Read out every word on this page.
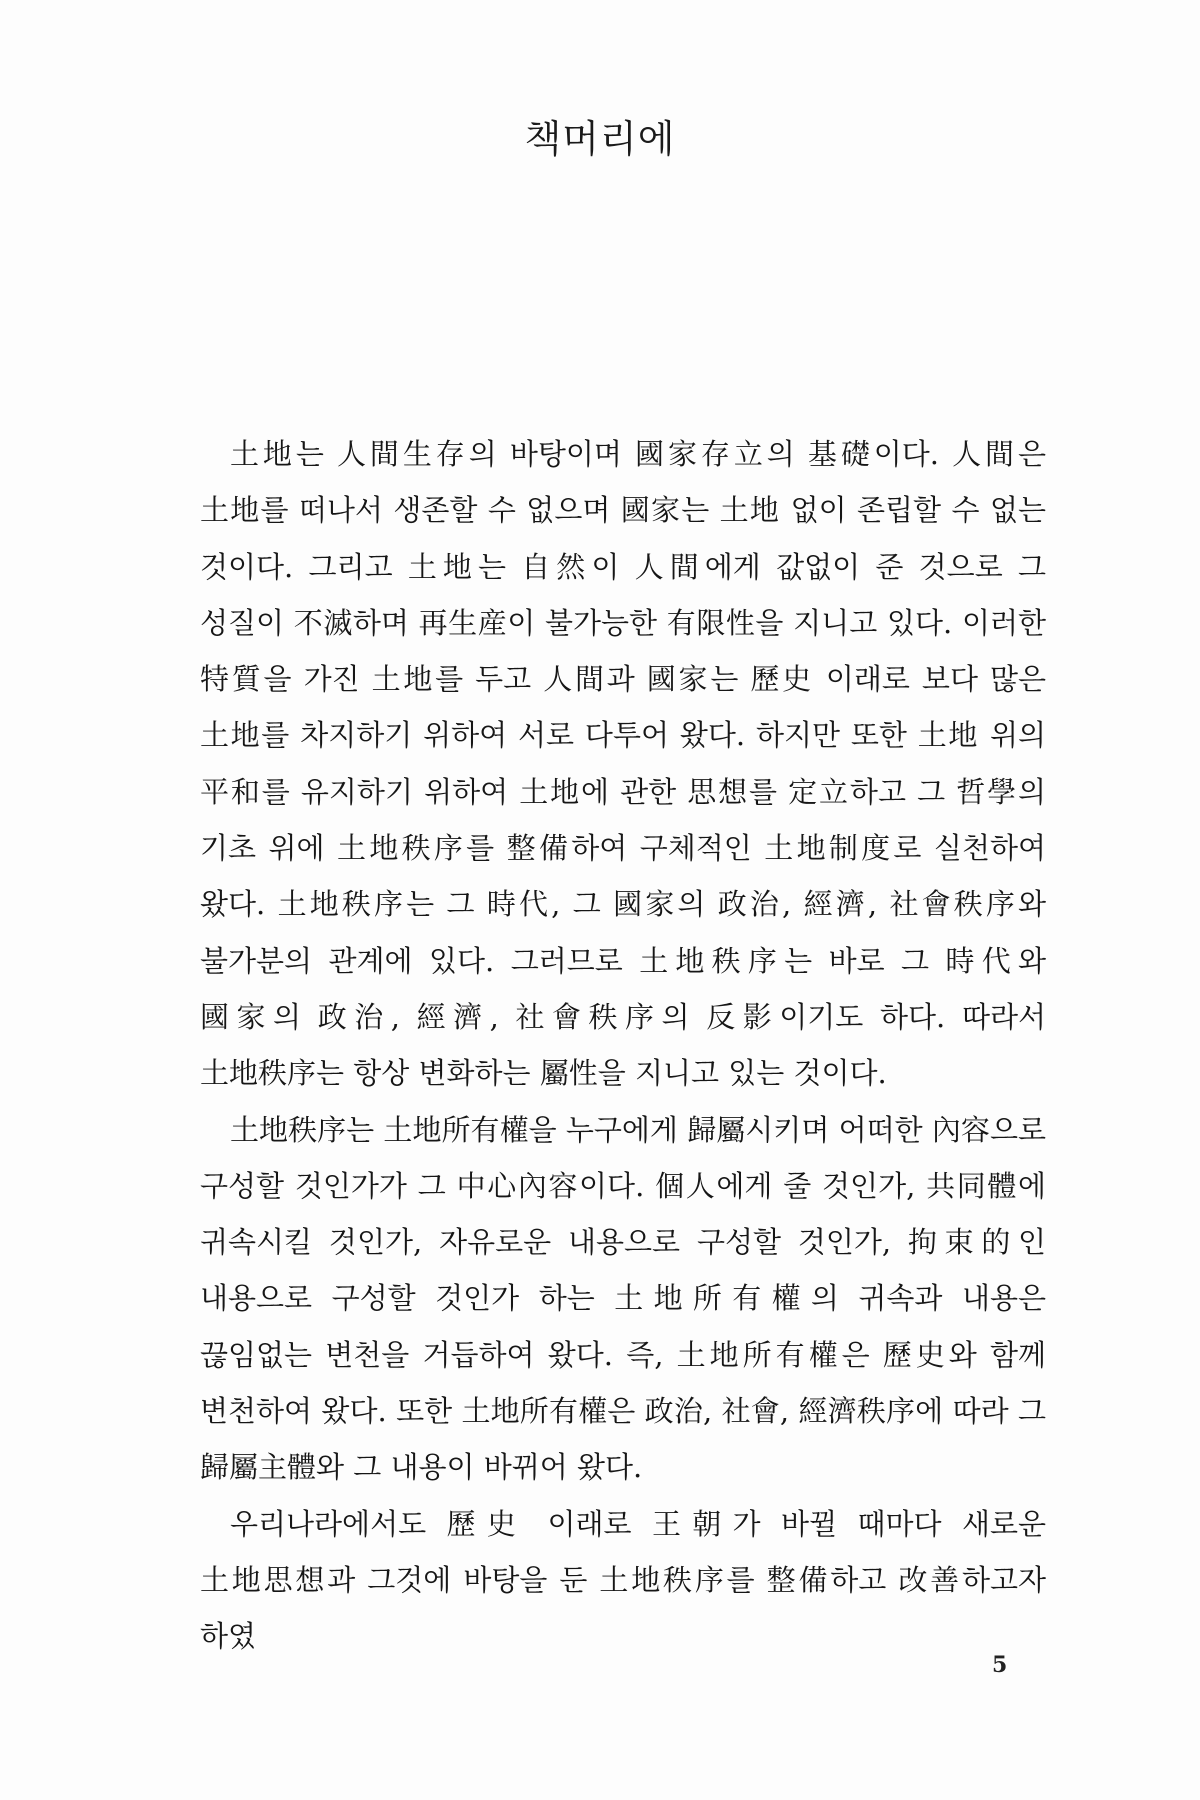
책머리에

土地는 人間生存의 바탕이며 國家存立의 基礎이다. 人間은 土地를 떠나서 생존할 수 없으며 國家는 土地 없이 존립할 수 없는 것이다. 그리고 土地는 自然이 人間에게 값없이 준 것으로 그 성질이 不滅하며 再生産이 불가능한 有限性을 지니고 있다. 이러한 特質을 가진 土地를 두고 人間과 國家는 歷史 이래로 보다 많은 土地를 차지하기 위하여 서로 다투어 왔다. 하지만 또한 土地 위의 平和를 유지하기 위하여 土地에 관한 思想를 定立하고 그 哲學의 기초 위에 土地秩序를 整備하여 구체적인 土地制度로 실천하여 왔다. 土地秩序는 그 時代, 그 國家의 政治, 經濟, 社會秩序와 불가분의 관계에 있다. 그러므로 土地秩序는 바로 그 時代와 國家의 政治, 經濟, 社會秩序의 反影이기도 하다. 따라서 土地秩序는 항상 변화하는 屬性을 지니고 있는 것이다.

土地秩序는 土地所有權을 누구에게 歸屬시키며 어떠한 內容으로 구성할 것인가가 그 中心內容이다. 個人에게 줄 것인가, 共同體에 귀속시킬 것인가, 자유로운 내용으로 구성할 것인가, 拘束的인 내용으로 구성할 것인가 하는 土地所有權의 귀속과 내용은 끊임없는 변천을 거듭하여 왔다. 즉, 土地所有權은 歷史와 함께 변천하여 왔다. 또한 土地所有權은 政治, 社會, 經濟秩序에 따라 그 歸屬主體와 그 내용이 바뀌어 왔다.

우리나라에서도 歷史 이래로 王朝가 바뀔 때마다 새로운 土地思想과 그것에 바탕을 둔 土地秩序를 整備하고 改善하고자 하였

5
